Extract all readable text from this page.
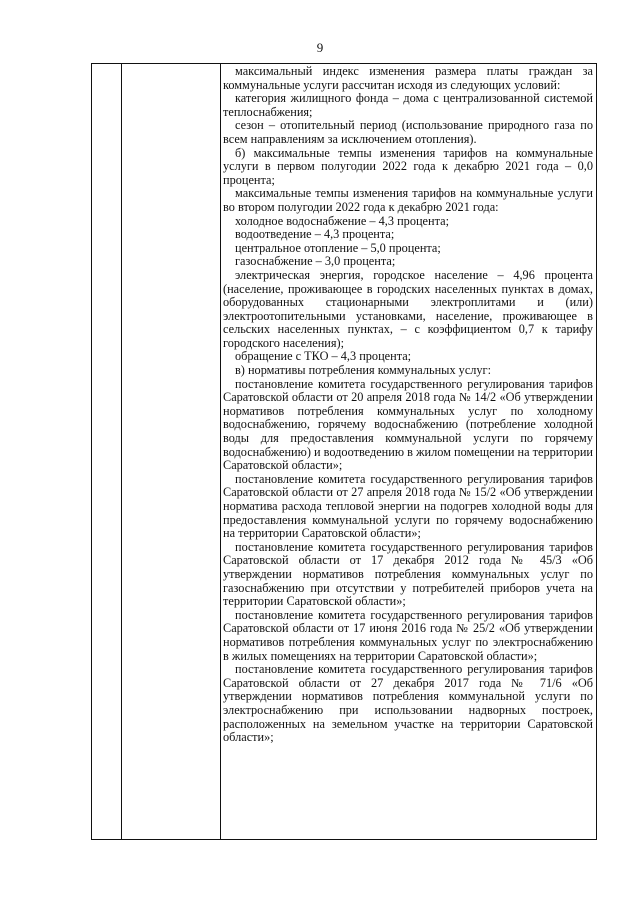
9

максимальный индекс изменения размера платы граждан за коммунальные услуги рассчитан исходя из следующих условий:

категория жилищного фонда – дома с централизованной системой теплоснабжения;

сезон – отопительный период (использование природного газа по всем направлениям за исключением отопления).

б) максимальные темпы изменения тарифов на коммунальные услуги в первом полугодии 2022 года к декабрю 2021 года – 0,0 процента;

максимальные темпы изменения тарифов на коммунальные услуги во втором полугодии 2022 года к декабрю 2021 года:

холодное водоснабжение – 4,3 процента;

водоотведение – 4,3 процента;

центральное отопление – 5,0 процента;

газоснабжение – 3,0 процента;

электрическая энергия, городское население – 4,96 процента (население, проживающее в городских населенных пунктах в домах, оборудованных стационарными электроплитами и (или) электроотопительными установками, население, проживающее в сельских населенных пунктах, – с коэффициентом 0,7 к тарифу городского населения);

обращение с ТКО – 4,3 процента;

в) нормативы потребления коммунальных услуг:

постановление комитета государственного регулирования тарифов Саратовской области от 20 апреля 2018 года № 14/2 «Об утверждении нормативов потребления коммунальных услуг по холодному водоснабжению, горячему водоснабжению (потребление холодной воды для предоставления коммунальной услуги по горячему водоснабжению) и водоотведению в жилом помещении на территории Саратовской области»;

постановление комитета государственного регулирования тарифов Саратовской области от 27 апреля 2018 года № 15/2 «Об утверждении норматива расхода тепловой энергии на подогрев холодной воды для предоставления коммунальной услуги по горячему водоснабжению на территории Саратовской области»;

постановление комитета государственного регулирования тарифов Саратовской области от 17 декабря 2012 года № 45/3 «Об утверждении нормативов потребления коммунальных услуг по газоснабжению при отсутствии у потребителей приборов учета на территории Саратовской области»;

постановление комитета государственного регулирования тарифов Саратовской области от 17 июня 2016 года № 25/2 «Об утверждении нормативов потребления коммунальных услуг по электроснабжению в жилых помещениях на территории Саратовской области»;

постановление комитета государственного регулирования тарифов Саратовской области от 27 декабря 2017 года № 71/6 «Об утверждении нормативов потребления коммунальной услуги по электроснабжению при использовании надворных построек, расположенных на земельном участке на территории Саратовской области»;
